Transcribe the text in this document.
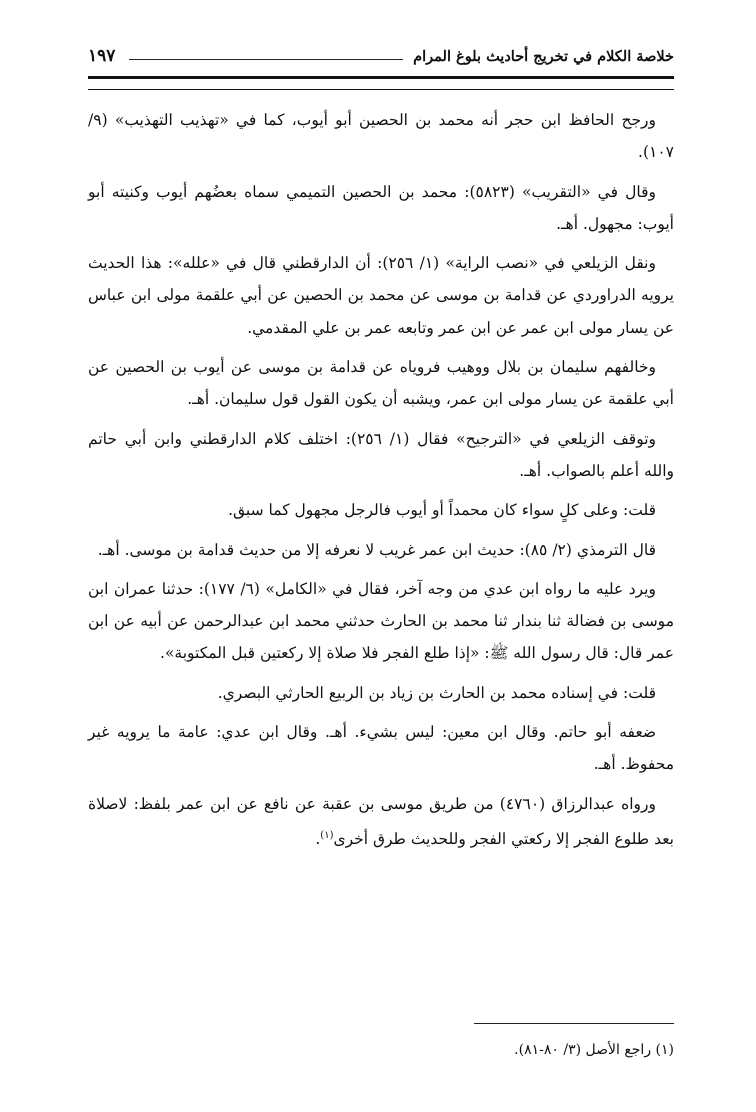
خلاصة الكلام في تخريج أحاديث بلوغ المرام
١٩٧

ورجح الحافظ ابن حجر أنه محمد بن الحصين أبو أيوب، كما في «تهذيب التهذيب» (٩/ ١٠٧).

وقال في «التقريب» (٥٨٢٣): محمد بن الحصين التميمي سماه بعضُهم أيوب وكنيته أبو أيوب: مجهول. أهـ.

ونقل الزيلعي في «نصب الراية» (١/ ٢٥٦): أن الدارقطني قال في «علله»: هذا الحديث يرويه الدراوردي عن قدامة بن موسى عن محمد بن الحصين عن أبي علقمة مولى ابن عباس عن يسار مولى ابن عمر عن ابن عمر وتابعه عمر بن علي المقدمي.

وخالفهم سليمان بن بلال ووهيب فروياه عن قدامة بن موسى عن أيوب بن الحصين عن أبي علقمة عن يسار مولى ابن عمر، ويشبه أن يكون القول قول سليمان. أهـ.

وتوقف الزيلعي في «الترجيح» فقال (١/ ٢٥٦): اختلف كلام الدارقطني وابن أبي حاتم والله أعلم بالصواب. أهـ.

قلت: وعلى كلٍ سواء كان محمداً أو أيوب فالرجل مجهول كما سبق.

قال الترمذي (٢/ ٨٥): حديث ابن عمر غريب لا نعرفه إلا من حديث قدامة بن موسى. أهـ.

ويرد عليه ما رواه ابن عدي من وجه آخر، فقال في «الكامل» (٦/ ١٧٧): حدثنا عمران ابن موسى بن فضالة ثنا بندار ثنا محمد بن الحارث حدثني محمد ابن عبدالرحمن عن أبيه عن ابن عمر قال: قال رسول الله ﷺ: «إذا طلع الفجر فلا صلاة إلا ركعتين قبل المكتوبة».

قلت: في إسناده محمد بن الحارث بن زياد بن الربيع الحارثي البصري.

ضعفه أبو حاتم. وقال ابن معين: ليس بشيء. أهـ. وقال ابن عدي: عامة ما يرويه غير محفوظ. أهـ.

ورواه عبدالرزاق (٤٧٦٠) من طريق موسى بن عقبة عن نافع عن ابن عمر بلفظ: لاصلاة بعد طلوع الفجر إلا ركعتي الفجر وللحديث طرق أخرى$^{(١)}$.

(١) راجع الأصل (٣/ ٨٠-٨١).
